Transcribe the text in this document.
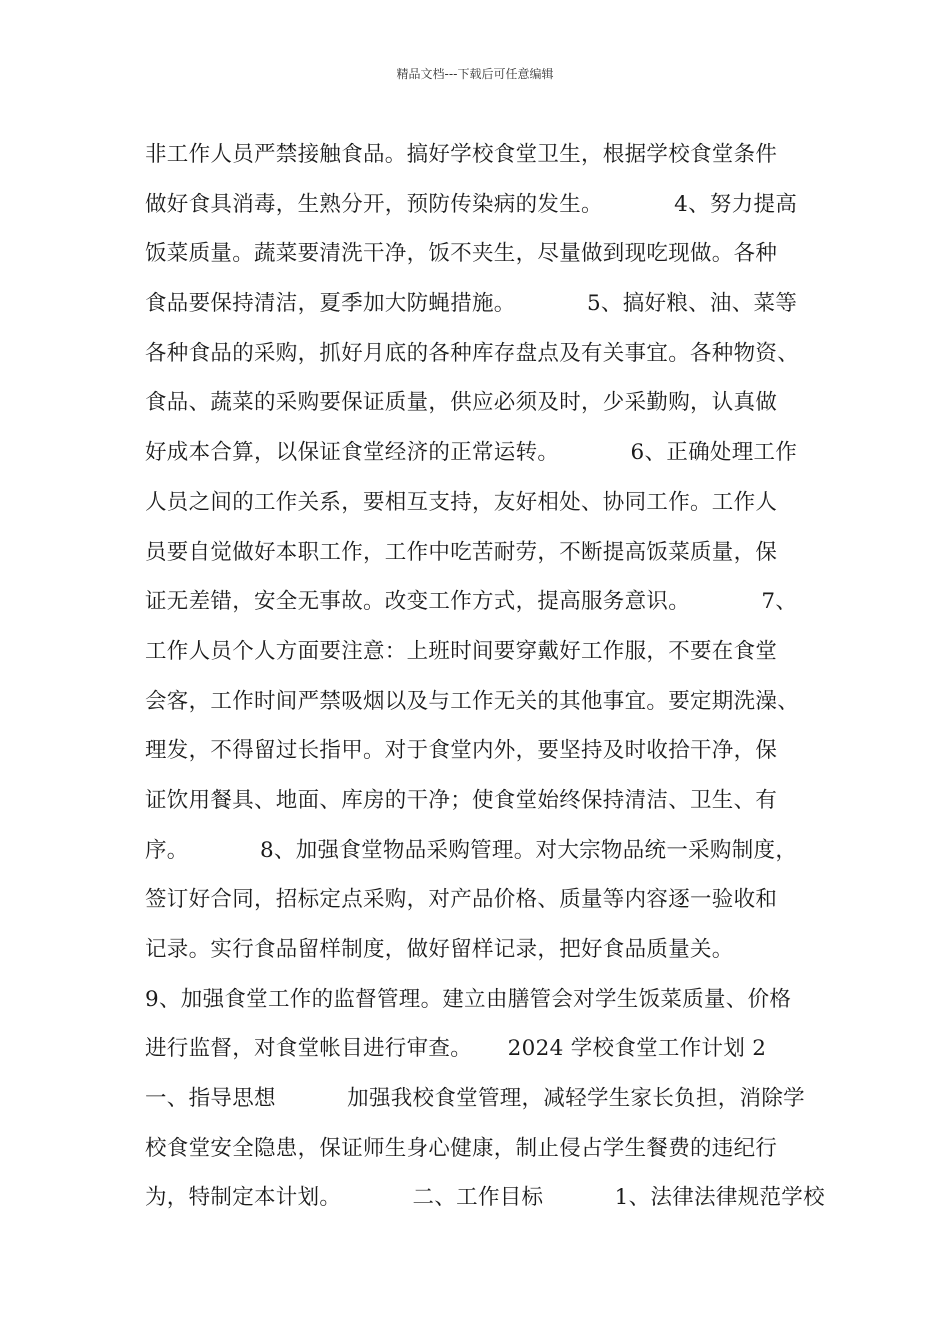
精品文档---下载后可任意编辑
非工作人员严禁接触食品。搞好学校食堂卫生，根据学校食堂条件
做好食具消毒，生熟分开，预防传染病的发生。          4、努力提高
饭菜质量。蔬菜要清洗干净，饭不夹生，尽量做到现吃现做。各种
食品要保持清洁，夏季加大防蝇措施。          5、搞好粮、油、菜等
各种食品的采购，抓好月底的各种库存盘点及有关事宜。各种物资、
食品、蔬菜的采购要保证质量，供应必须及时，少采勤购，认真做
好成本合算，以保证食堂经济的正常运转。          6、正确处理工作
人员之间的工作关系，要相互支持，友好相处、协同工作。工作人
员要自觉做好本职工作，工作中吃苦耐劳，不断提高饭菜质量，保
证无差错，安全无事故。改变工作方式，提高服务意识。          7、
工作人员个人方面要注意：上班时间要穿戴好工作服，不要在食堂
会客，工作时间严禁吸烟以及与工作无关的其他事宜。要定期洗澡、
理发，不得留过长指甲。对于食堂内外，要坚持及时收拾干净，保
证饮用餐具、地面、库房的干净；使食堂始终保持清洁、卫生、有
序。          8、加强食堂物品采购管理。对大宗物品统一采购制度，
签订好合同，招标定点采购，对产品价格、质量等内容逐一验收和
记录。实行食品留样制度，做好留样记录，把好食品质量关。
9、加强食堂工作的监督管理。建立由膳管会对学生饭菜质量、价格
进行监督，对食堂帐目进行审查。     2024 学校食堂工作计划 2
一、指导思想          加强我校食堂管理，减轻学生家长负担，消除学
校食堂安全隐患，保证师生身心健康，制止侵占学生餐费的违纪行
为，特制定本计划。          二、工作目标          1、法律法律规范学校
